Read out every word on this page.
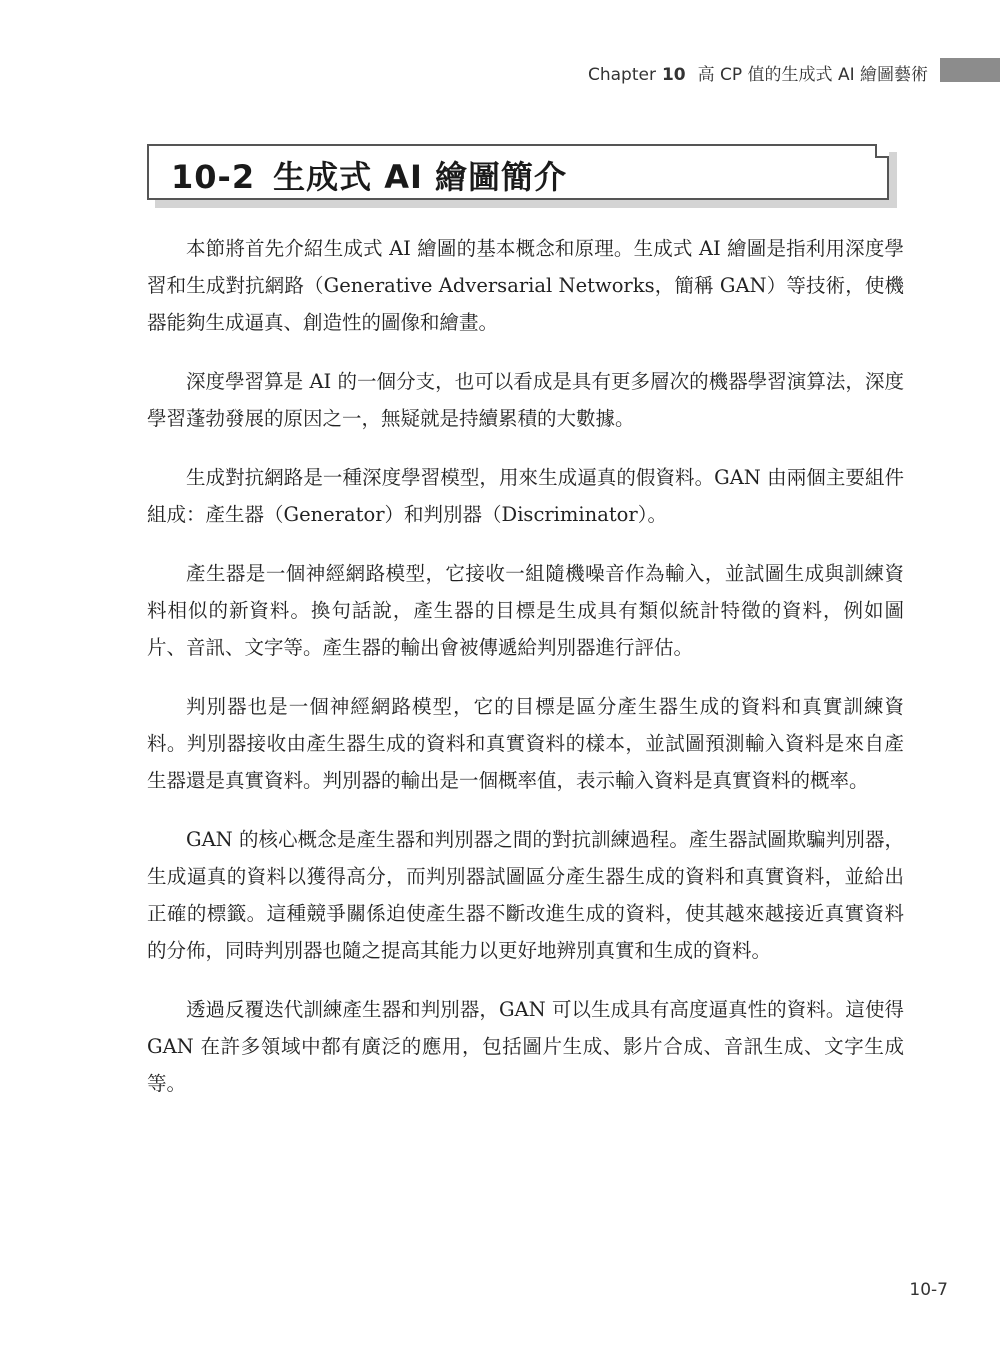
Chapter 10 高 CP 值的生成式 AI 繪圖藝術
10-2 生成式 AI 繪圖簡介

本節將首先介紹生成式 AI 繪圖的基本概念和原理。生成式 AI 繪圖是指利用深度學習和生成對抗網路（Generative Adversarial Networks，簡稱 GAN）等技術，使機器能夠生成逼真、創造性的圖像和繪畫。

深度學習算是 AI 的一個分支，也可以看成是具有更多層次的機器學習演算法，深度學習蓬勃發展的原因之一，無疑就是持續累積的大數據。

生成對抗網路是一種深度學習模型，用來生成逼真的假資料。GAN 由兩個主要組件組成：產生器（Generator）和判別器（Discriminator）。

產生器是一個神經網路模型，它接收一組隨機噪音作為輸入，並試圖生成與訓練資料相似的新資料。換句話說，產生器的目標是生成具有類似統計特徵的資料，例如圖片、音訊、文字等。產生器的輸出會被傳遞給判別器進行評估。

判別器也是一個神經網路模型，它的目標是區分產生器生成的資料和真實訓練資料。判別器接收由產生器生成的資料和真實資料的樣本，並試圖預測輸入資料是來自產生器還是真實資料。判別器的輸出是一個概率值，表示輸入資料是真實資料的概率。

GAN 的核心概念是產生器和判別器之間的對抗訓練過程。產生器試圖欺騙判別器，生成逼真的資料以獲得高分，而判別器試圖區分產生器生成的資料和真實資料，並給出正確的標籤。這種競爭關係迫使產生器不斷改進生成的資料，使其越來越接近真實資料的分佈，同時判別器也隨之提高其能力以更好地辨別真實和生成的資料。

透過反覆迭代訓練產生器和判別器，GAN 可以生成具有高度逼真性的資料。這使得 GAN 在許多領域中都有廣泛的應用，包括圖片生成、影片合成、音訊生成、文字生成等。

10-7
